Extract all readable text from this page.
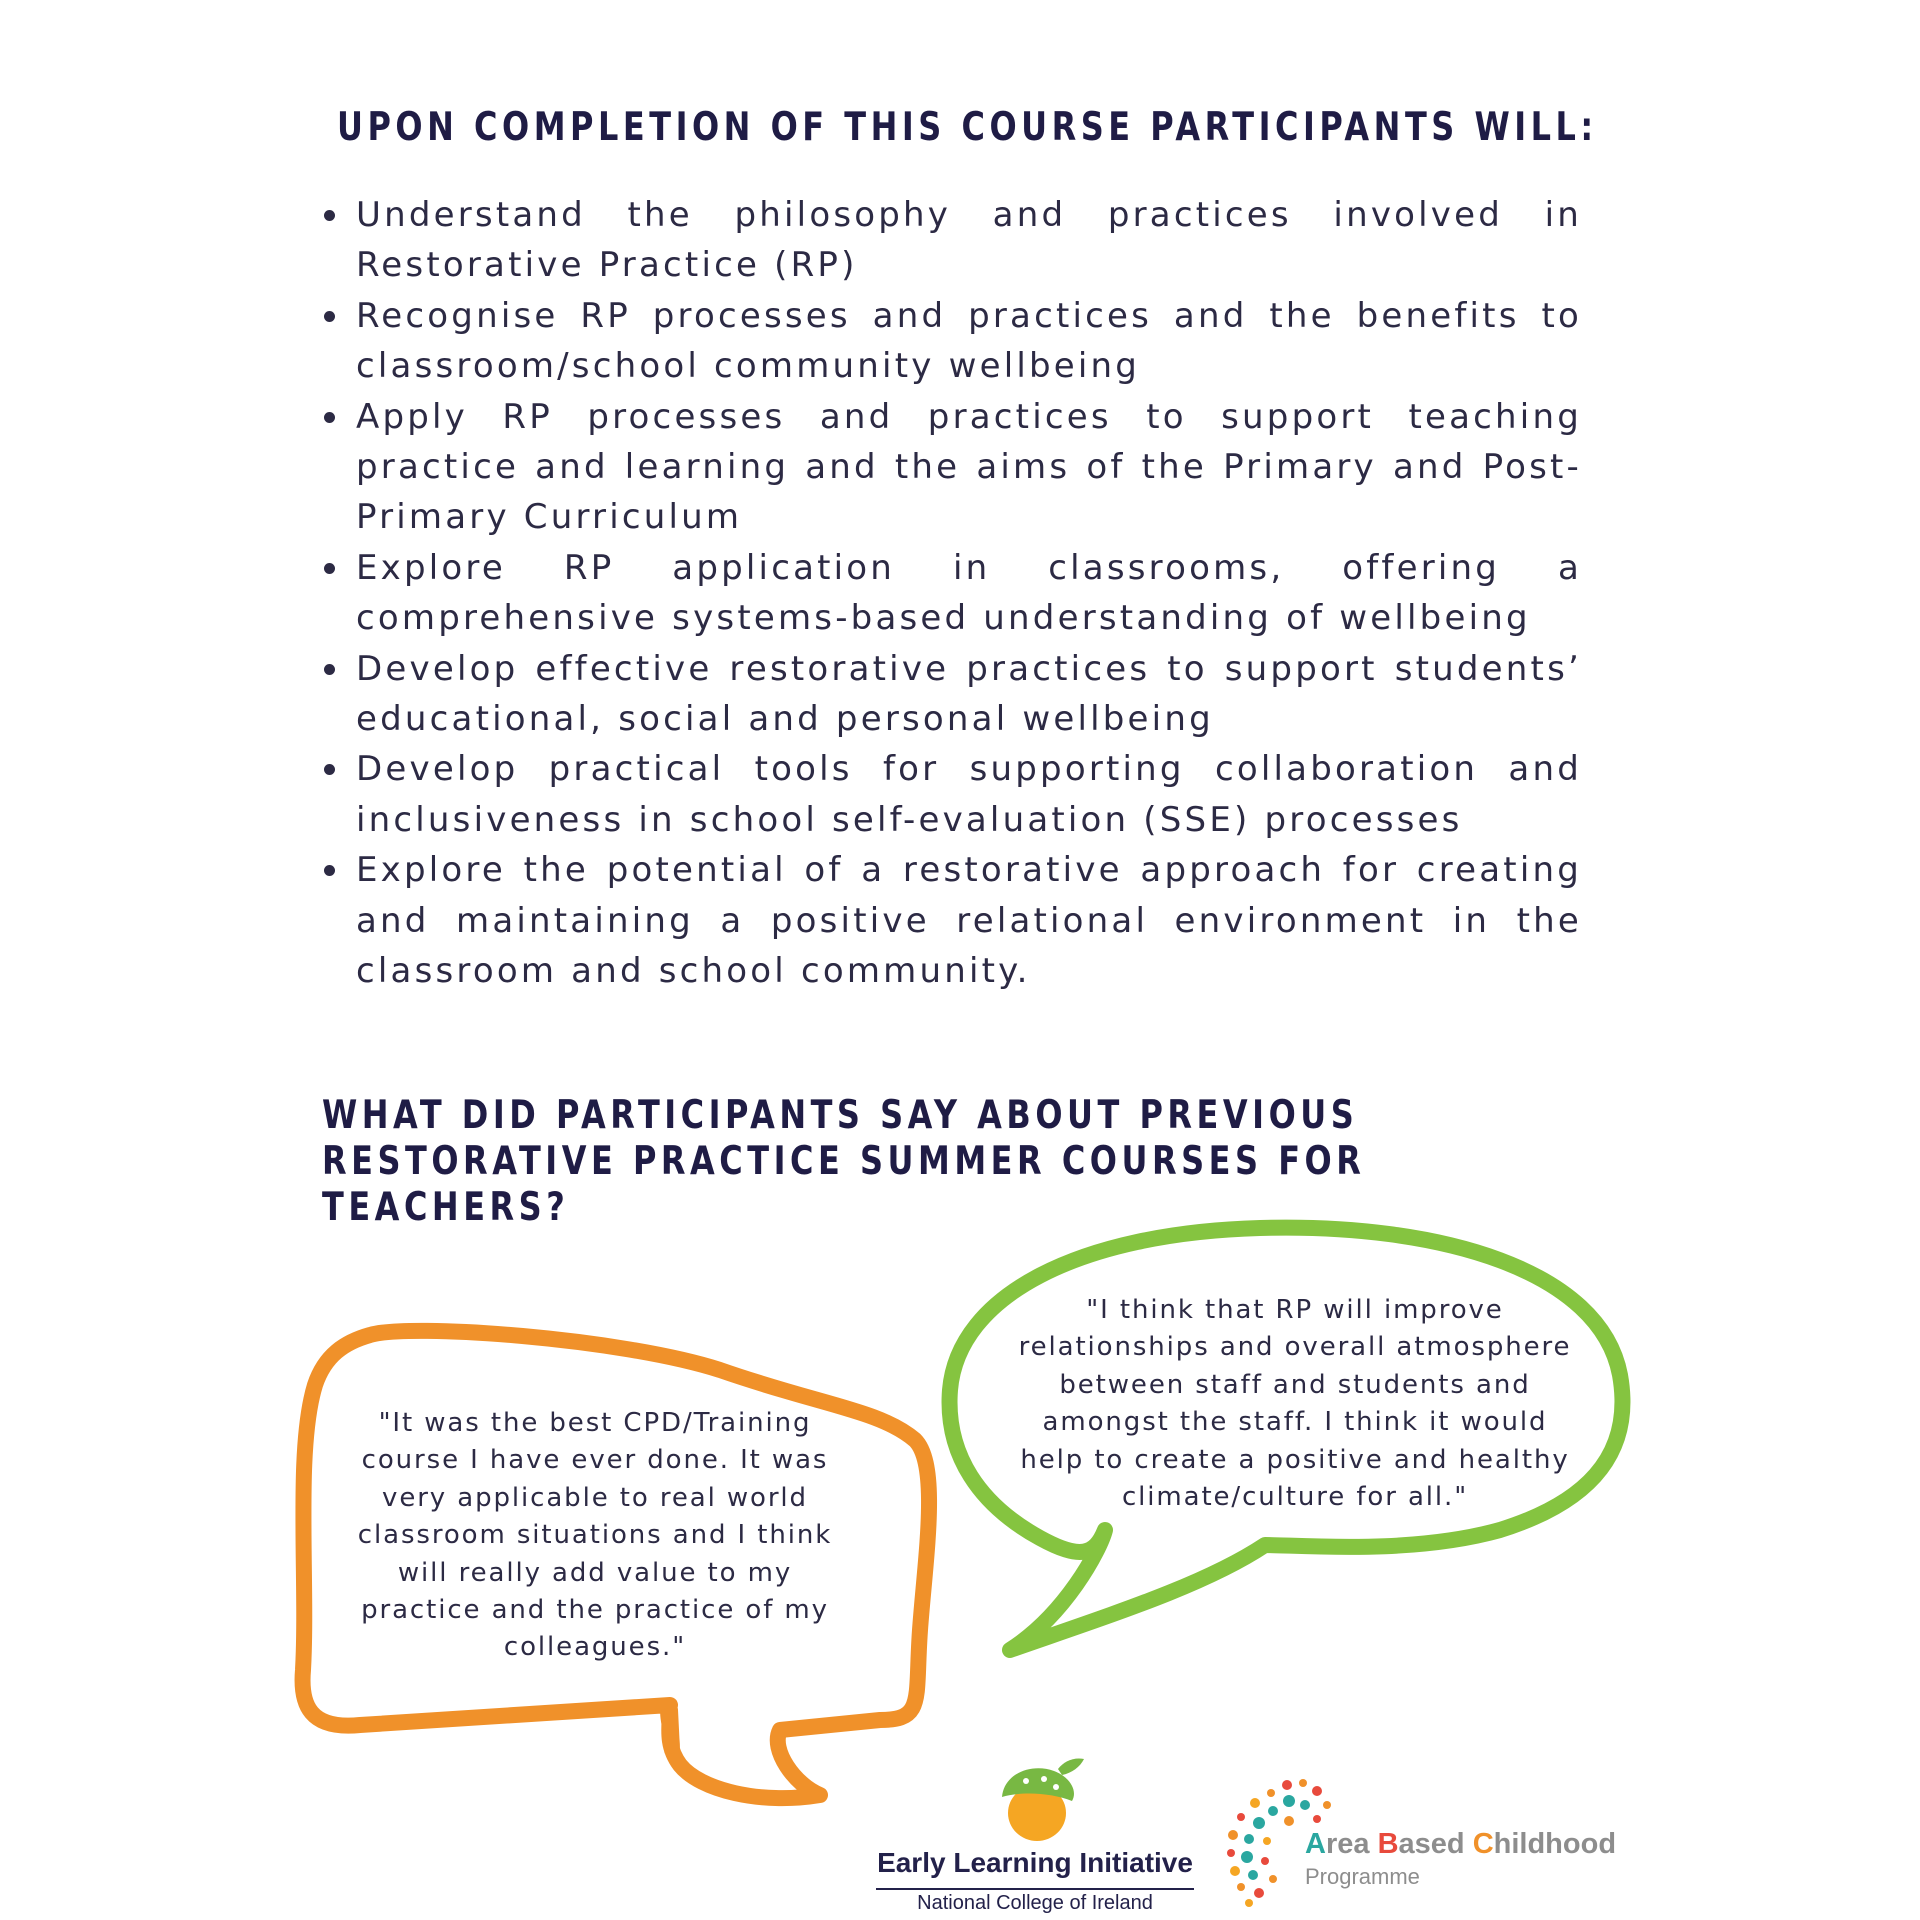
UPON COMPLETION OF THIS COURSE PARTICIPANTS WILL:
Understand the philosophy and practices involved in Restorative Practice (RP)
Recognise RP processes and practices and the benefits to classroom/school community wellbeing
Apply RP processes and practices to support teaching practice and learning and the aims of the Primary and Post-Primary Curriculum
Explore RP application in classrooms, offering a comprehensive systems-based understanding of wellbeing
Develop effective restorative practices to support students’ educational, social and personal wellbeing
Develop practical tools for supporting collaboration and inclusiveness in school self-evaluation (SSE) processes
Explore the potential of a restorative approach for creating and maintaining a positive relational environment in the classroom and school community.
WHAT DID PARTICIPANTS SAY ABOUT PREVIOUS RESTORATIVE PRACTICE SUMMER COURSES FOR TEACHERS?

"It was the best CPD/Training course I have ever done. It was very applicable to real world classroom situations and I think will really add value to my practice and the practice of my colleagues."

"I think that RP will improve relationships and overall atmosphere between staff and students and amongst the staff. I think it would help to create a positive and healthy climate/culture for all."

Early Learning Initiative
National College of Ireland
Area Based Childhood
Programme
